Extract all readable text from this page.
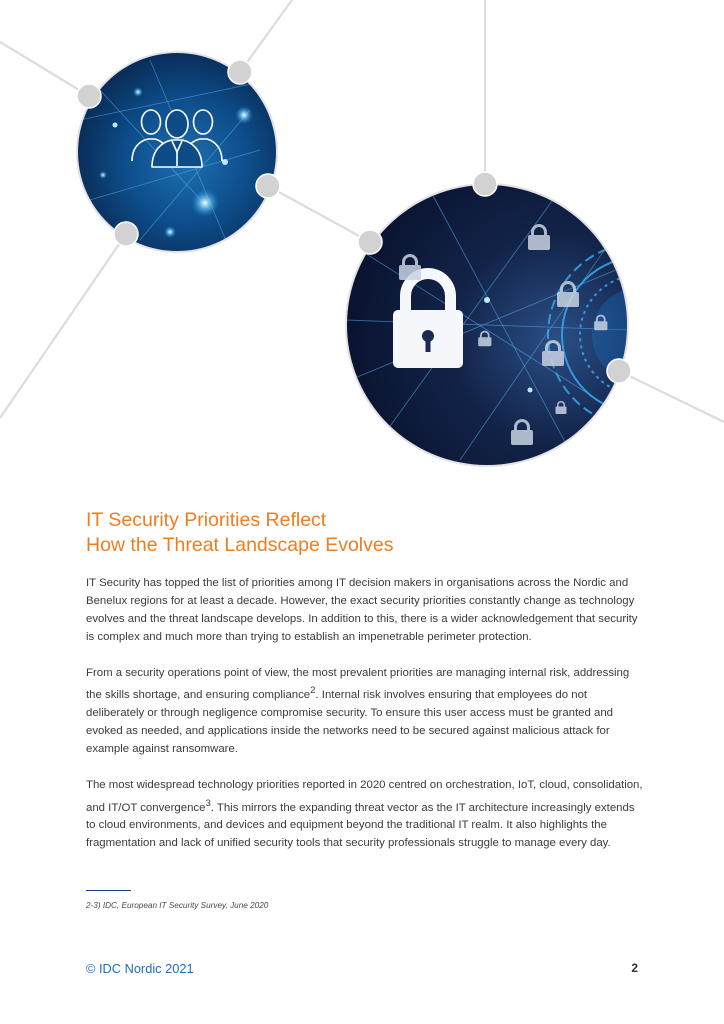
IT Security Priorities Reflect
How the Threat Landscape Evolves

IT Security has topped the list of priorities among IT decision makers in organisations across the Nordic and Benelux regions for at least a decade. However, the exact security priorities constantly change as technology evolves and the threat landscape develops. In addition to this, there is a wider acknowledgement that security is complex and much more than trying to establish an impenetrable perimeter protection.

From a security operations point of view, the most prevalent priorities are managing internal risk, addressing the skills shortage, and ensuring compliance$^2$. Internal risk involves ensuring that employees do not deliberately or through negligence compromise security. To ensure this user access must be granted and evoked as needed, and applications inside the networks need to be secured against malicious attack for example against ransomware.

The most widespread technology priorities reported in 2020 centred on orchestration, IoT, cloud, consolidation, and IT/OT convergence$^3$. This mirrors the expanding threat vector as the IT architecture increasingly extends to cloud environments, and devices and equipment beyond the traditional IT realm. It also highlights the fragmentation and lack of unified security tools that security professionals struggle to manage every day.

2-3) IDC, European IT Security Survey, June 2020
© IDC Nordic 2021	2
